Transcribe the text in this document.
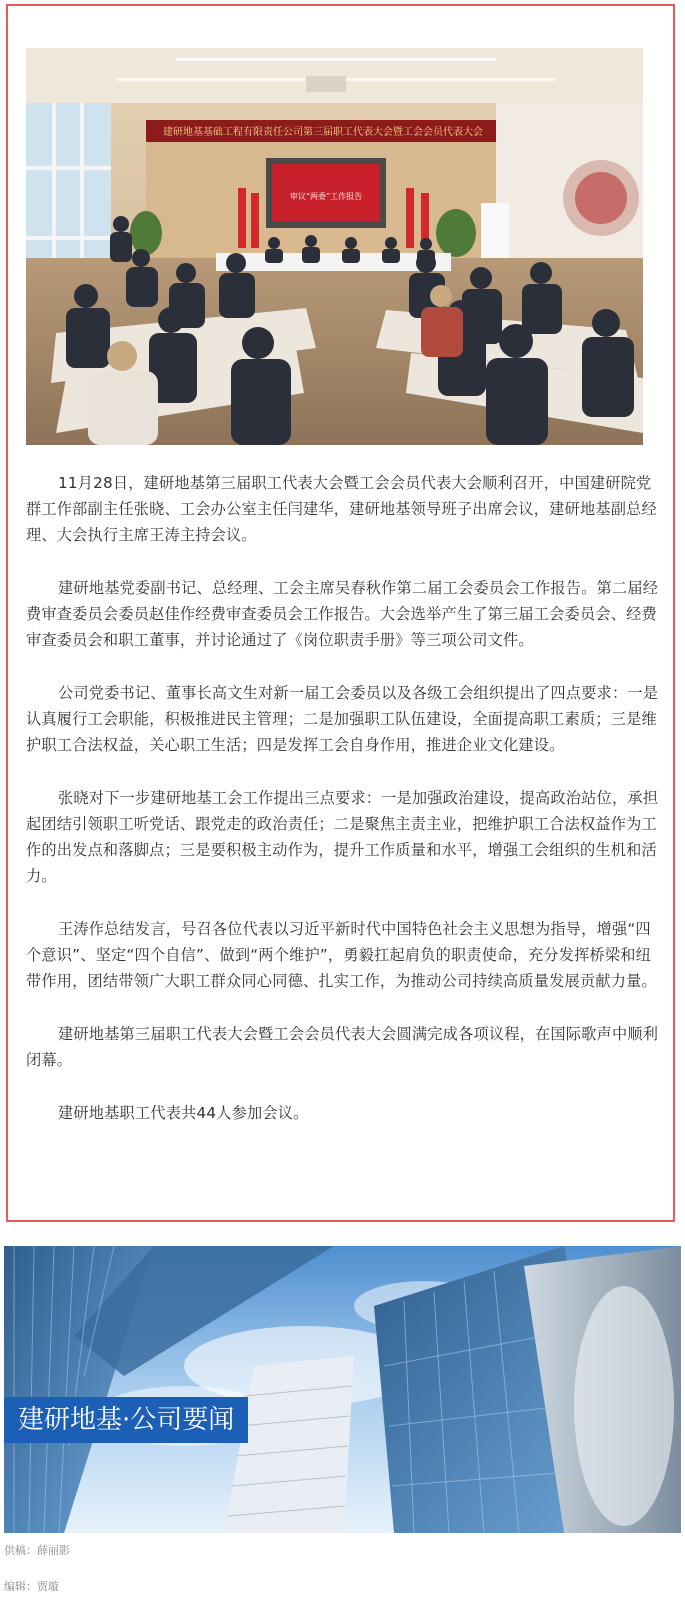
建研地基基础工程有限责任公司第三届职工代表大会暨工会会员代表大会
审议“两委”工作报告

11月28日，建研地基第三届职工代表大会暨工会会员代表大会顺利召开，中国建研院党群工作部副主任张晓、工会办公室主任闫建华，建研地基领导班子出席会议，建研地基副总经理、大会执行主席王涛主持会议。

建研地基党委副书记、总经理、工会主席吴春秋作第二届工会委员会工作报告。第二届经费审查委员会委员赵佳作经费审查委员会工作报告。大会选举产生了第三届工会委员会、经费审查委员会和职工董事，并讨论通过了《岗位职责手册》等三项公司文件。

公司党委书记、董事长高文生对新一届工会委员以及各级工会组织提出了四点要求：一是认真履行工会职能，积极推进民主管理；二是加强职工队伍建设，全面提高职工素质；三是维护职工合法权益，关心职工生活；四是发挥工会自身作用，推进企业文化建设。

张晓对下一步建研地基工会工作提出三点要求：一是加强政治建设，提高政治站位，承担起团结引领职工听党话、跟党走的政治责任；二是聚焦主责主业，把维护职工合法权益作为工作的出发点和落脚点；三是要积极主动作为，提升工作质量和水平，增强工会组织的生机和活力。

王涛作总结发言，号召各位代表以习近平新时代中国特色社会主义思想为指导，增强“四个意识”、坚定“四个自信”、做到“两个维护”，勇毅扛起肩负的职责使命，充分发挥桥梁和纽带作用，团结带领广大职工群众同心同德、扎实工作，为推动公司持续高质量发展贡献力量。

建研地基第三届职工代表大会暨工会会员代表大会圆满完成各项议程，在国际歌声中顺利闭幕。

建研地基职工代表共44人参加会议。

建研地基·公司要闻
供稿：薛丽影
编辑：贾璇
